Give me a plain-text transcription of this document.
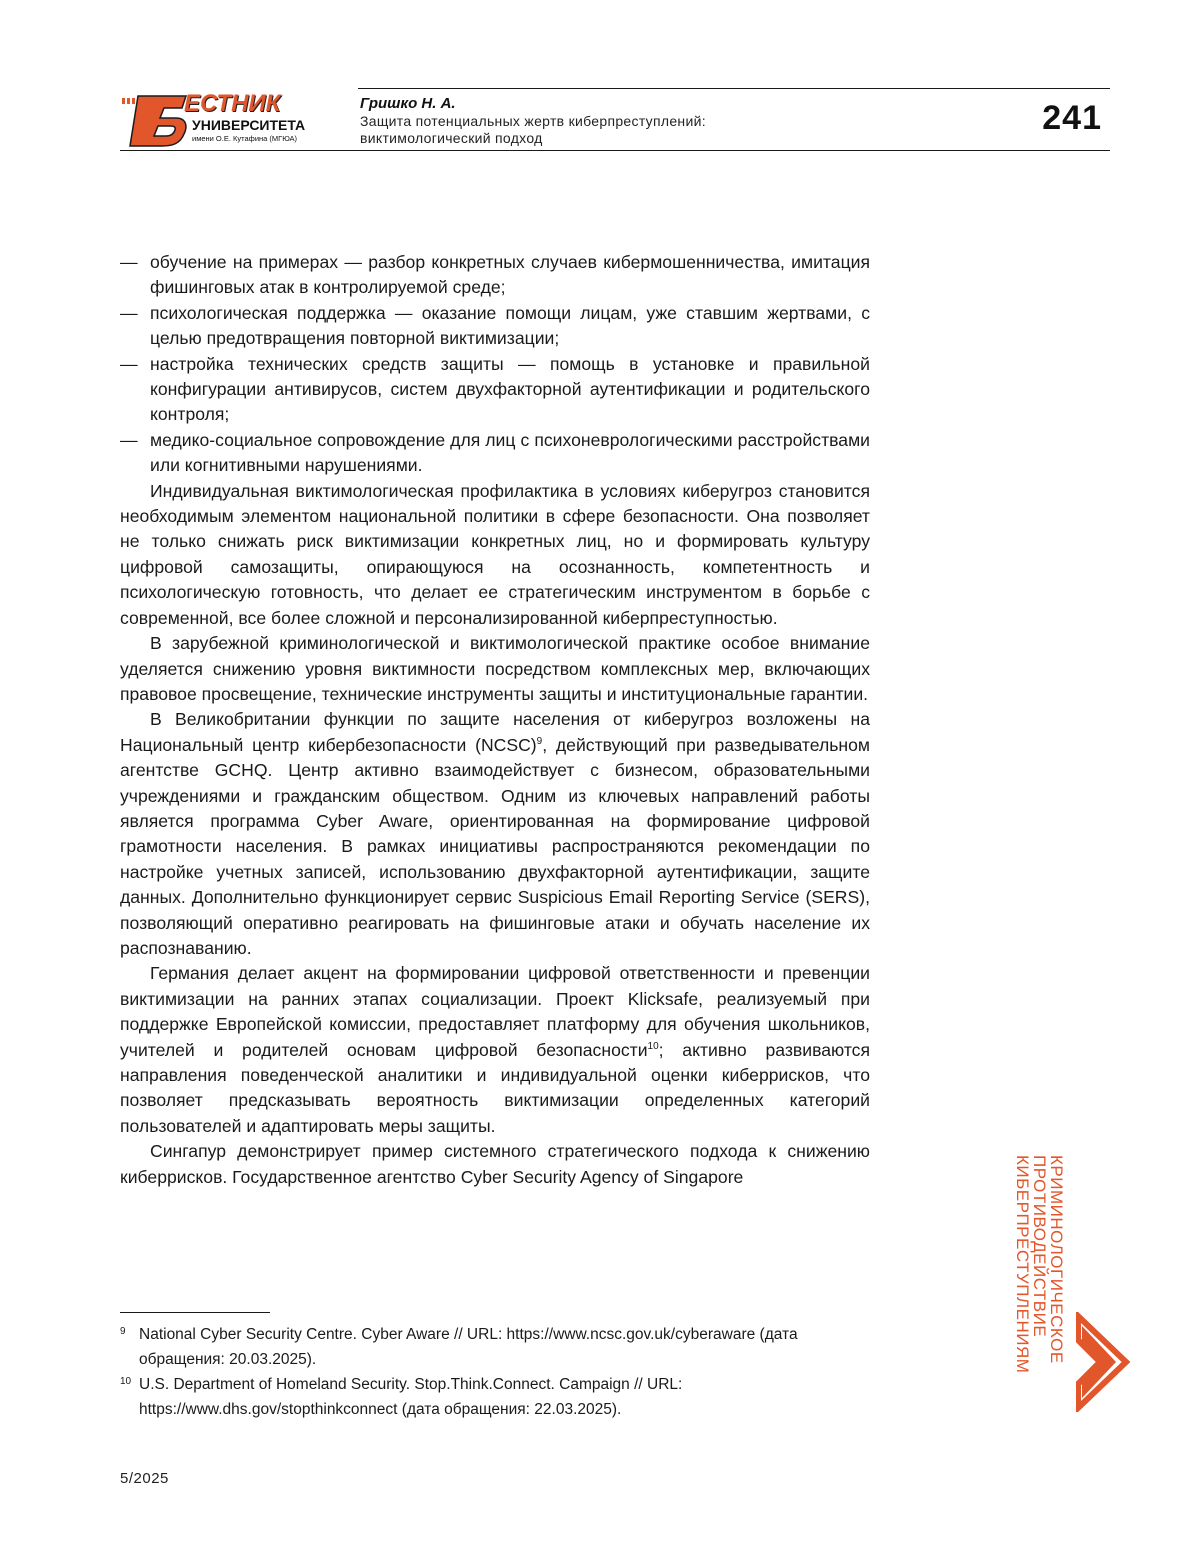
ЕСТНИК
УНИВЕРСИТЕТА
имени О.Е. Кутафина (МГЮА)
Гришко Н. А.
Защита потенциальных жертв киберпреступлений:
виктимологический подход
241

— обучение на примерах — разбор конкретных случаев кибермошенничества, имитация фишинговых атак в контролируемой среде;

— психологическая поддержка — оказание помощи лицам, уже ставшим жертвами, с целью предотвращения повторной виктимизации;

— настройка технических средств защиты — помощь в установке и правильной конфигурации антивирусов, систем двухфакторной аутентификации и родительского контроля;

— медико-социальное сопровождение для лиц с психоневрологическими расстройствами или когнитивными нарушениями.

Индивидуальная виктимологическая профилактика в условиях киберугроз становится необходимым элементом национальной политики в сфере безопасности. Она позволяет не только снижать риск виктимизации конкретных лиц, но и формировать культуру цифровой самозащиты, опирающуюся на осознанность, компетентность и психологическую готовность, что делает ее стратегическим инструментом в борьбе с современной, все более сложной и персонализированной киберпреступностью.

В зарубежной криминологической и виктимологической практике особое внимание уделяется снижению уровня виктимности посредством комплексных мер, включающих правовое просвещение, технические инструменты защиты и институциональные гарантии.

В Великобритании функции по защите населения от киберугроз возложены на Национальный центр кибербезопасности (NCSC)$^9$, действующий при разведывательном агентстве GCHQ. Центр активно взаимодействует с бизнесом, образовательными учреждениями и гражданским обществом. Одним из ключевых направлений работы является программа Cyber Aware, ориентированная на формирование цифровой грамотности населения. В рамках инициативы распространяются рекомендации по настройке учетных записей, использованию двухфакторной аутентификации, защите данных. Дополнительно функционирует сервис Suspicious Email Reporting Service (SERS), позволяющий оперативно реагировать на фишинговые атаки и обучать население их распознаванию.

Германия делает акцент на формировании цифровой ответственности и превенции виктимизации на ранних этапах социализации. Проект Klicksafe, реализуемый при поддержке Европейской комиссии, предоставляет платформу для обучения школьников, учителей и родителей основам цифровой безопасности$^{10}$; активно развиваются направления поведенческой аналитики и индивидуальной оценки киберрисков, что позволяет предсказывать вероятность виктимизации определенных категорий пользователей и адаптировать меры защиты.

Сингапур демонстрирует пример системного стратегического подхода к снижению киберрисков. Государственное агентство Cyber Security Agency of Singapore

9 National Cyber Security Centre. Cyber Aware // URL: https://www.ncsc.gov.uk/cyberaware (дата обращения: 20.03.2025).

10 U.S. Department of Homeland Security. Stop.Think.Connect. Campaign // URL: https://www.dhs.gov/stopthinkconnect (дата обращения: 22.03.2025).

КРИМИНОЛОГИЧЕСКОЕ
ПРОТИВОДЕЙСТВИЕ
КИБЕРПРЕСТУПЛЕНИЯМ
5/2025
